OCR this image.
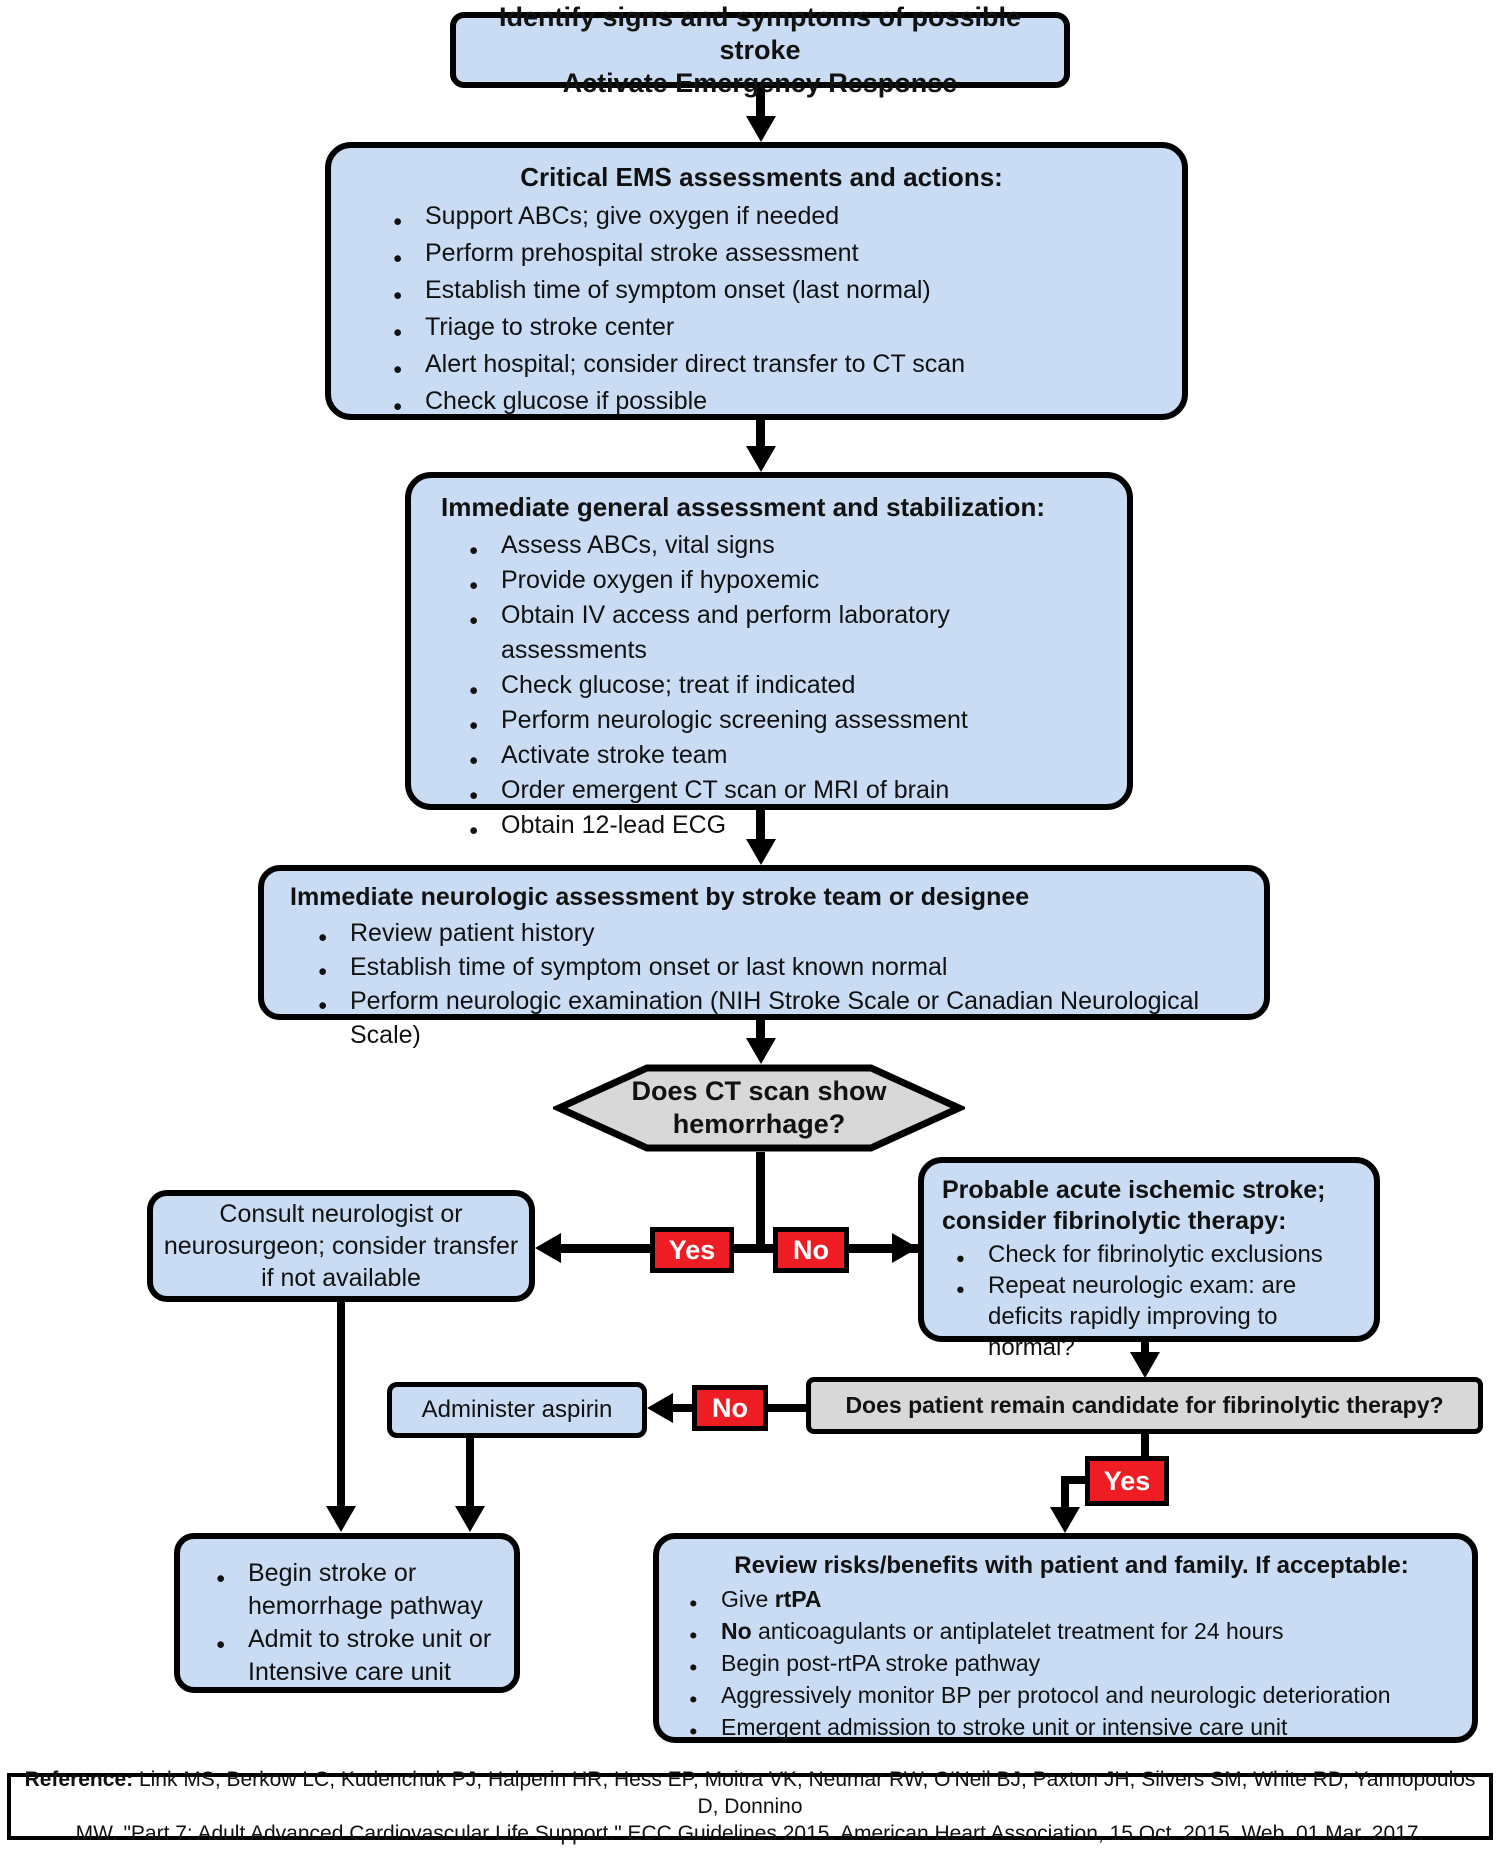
Identify signs and symptoms of possible stroke
Activate Emergency Response
Critical EMS assessments and actions:
● Support ABCs; give oxygen if needed
● Perform prehospital stroke assessment
● Establish time of symptom onset (last normal)
● Triage to stroke center
● Alert hospital; consider direct transfer to CT scan
● Check glucose if possible
Immediate general assessment and stabilization:
● Assess ABCs, vital signs
● Provide oxygen if hypoxemic
● Obtain IV access and perform laboratory assessments
● Check glucose; treat if indicated
● Perform neurologic screening assessment
● Activate stroke team
● Order emergent CT scan or MRI of brain
● Obtain 12-lead ECG
Immediate neurologic assessment by stroke team or designee
● Review patient history
● Establish time of symptom onset or last known normal
● Perform neurologic examination (NIH Stroke Scale or Canadian Neurological Scale)
Does CT scan show
hemorrhage?
Consult neurologist or
neurosurgeon; consider transfer
if not available
Probable acute ischemic stroke;
consider fibrinolytic therapy:
● Check for fibrinolytic exclusions
● Repeat neurologic exam: are deficits rapidly improving to normal?
Administer aspirin	Does patient remain candidate for fibrinolytic therapy?
● Begin stroke or hemorrhage pathway
● Admit to stroke unit or Intensive care unit
Review risks/benefits with patient and family. If acceptable:
● Give rtPA
● No anticoagulants or antiplatelet treatment for 24 hours
● Begin post-rtPA stroke pathway
● Aggressively monitor BP per protocol and neurologic deterioration
● Emergent admission to stroke unit or intensive care unit
Yes	No
No
Yes
Reference: Link MS, Berkow LC, Kudenchuk PJ, Halperin HR, Hess EP, Moitra VK, Neumar RW, O'Neil BJ, Paxton JH, Silvers SM, White RD, Yannopoulos D, Donnino
MW. "Part 7: Adult Advanced Cardiovascular Life Support." ECC Guidelines 2015. American Heart Association, 15 Oct. 2015. Web. 01 Mar. 2017.
